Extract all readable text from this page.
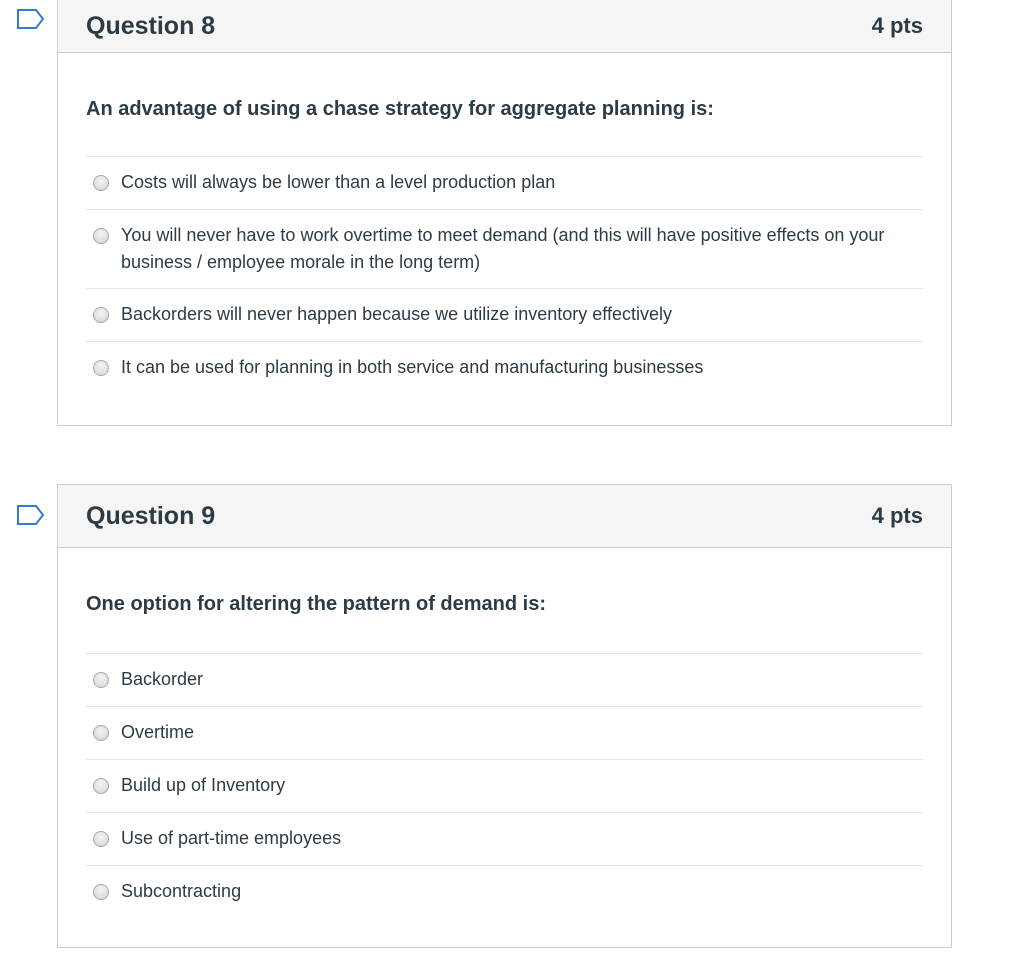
Question 8	4 pts

An advantage of using a chase strategy for aggregate planning is:

Costs will always be lower than a level production plan
You will never have to work overtime to meet demand (and this will have positive effects on your business / employee morale in the long term)
Backorders will never happen because we utilize inventory effectively
It can be used for planning in both service and manufacturing businesses
Question 9	4 pts

One option for altering the pattern of demand is:

Backorder
Overtime
Build up of Inventory
Use of part-time employees
Subcontracting
